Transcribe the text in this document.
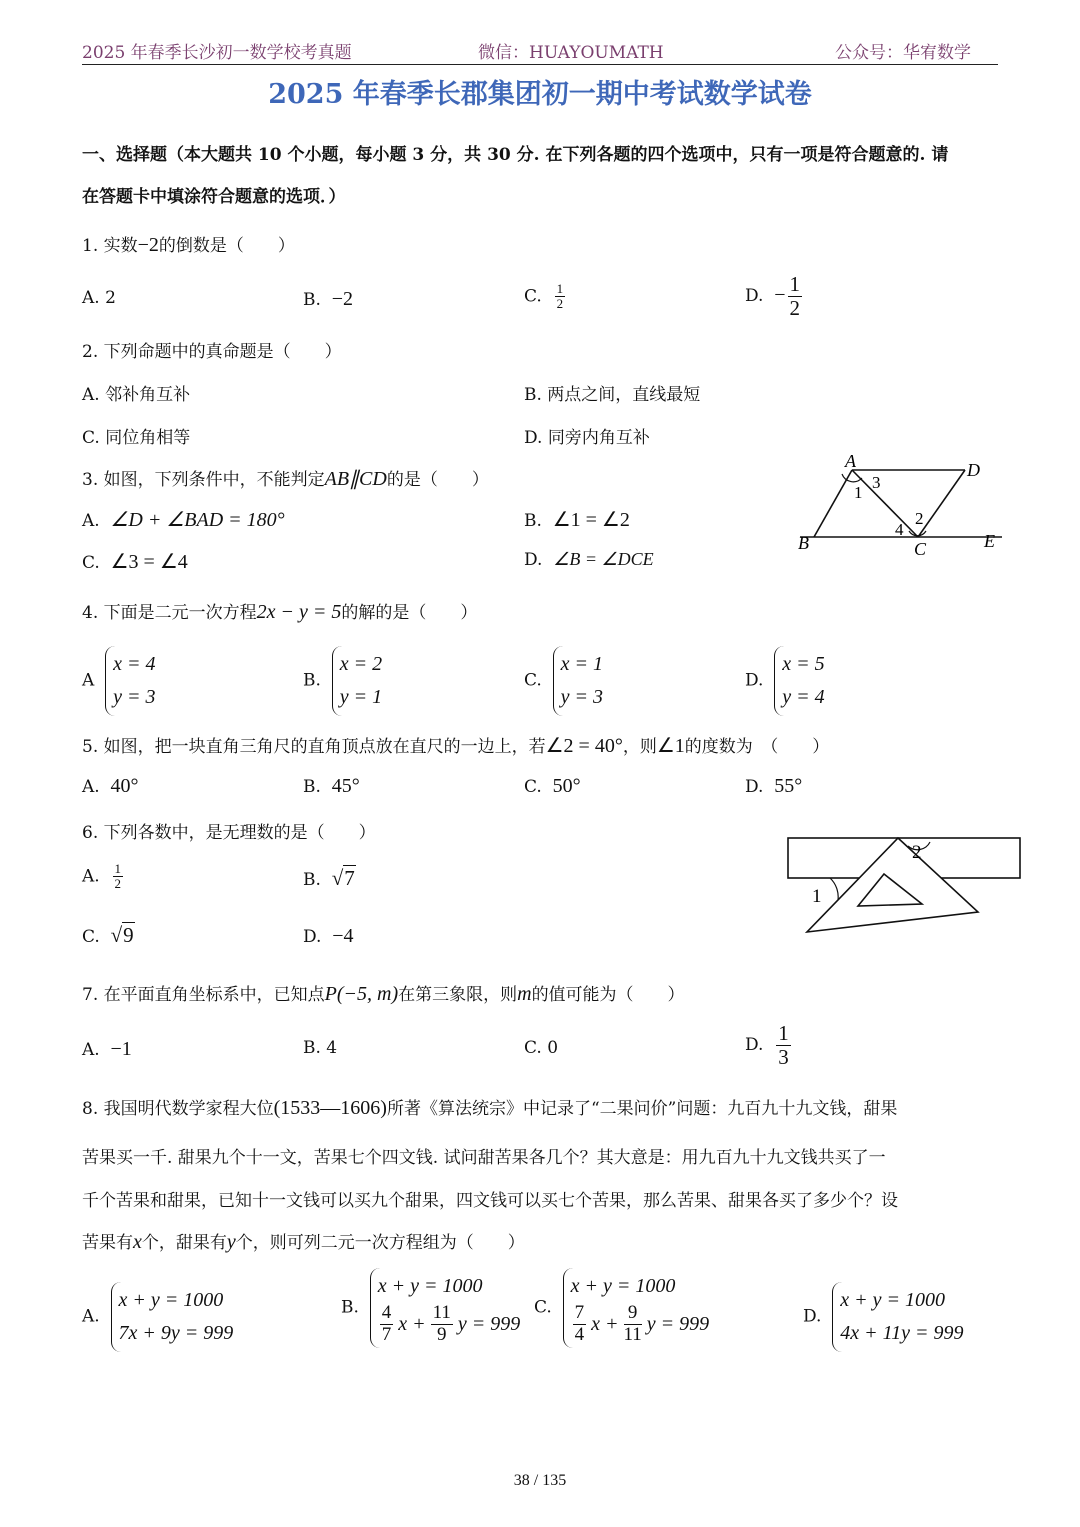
2025 年春季长沙初一数学校考真题	微信：HUAYOUMATH	公众号：华宥数学
2025 年春季长郡集团初一期中考试数学试卷
一、选择题（本大题共 10 个小题，每小题 3 分，共 30 分. 在下列各题的四个选项中，只有一项是符合题意的. 请
在答题卡中填涂符合题意的选项．）
1. 实数−2的倒数是（　　）
A. 2	B. −2	C. $\frac{1}{2}$	D. − $\frac{1}{2}$
2. 下列命题中的真命题是（　　）
A. 邻补角互补	B. 两点之间，直线最短
C. 同位角相等	D. 同旁内角互补
3. 如图，下列条件中，不能判定AB∥CD的是（　　）
A. ∠D + ∠BAD = 180°	B. ∠1 = ∠2
C. ∠3 = ∠4	D. ∠B = ∠DCE
A	D
B	C	E
1
3
4
2
4. 下面是二元一次方程2x − y = 5的解的是（　　）
A
x = 4
y = 3
B.
x = 2
y = 1
C.
x = 1
y = 3
D.
x = 5
y = 4
5. 如图，把一块直角三角尺的直角顶点放在直尺的一边上，若∠2 = 40°，则∠1的度数为　（　　）
A. 40°	B. 45°	C. 50°	D. 55°
6. 下列各数中，是无理数的是（　　）
A. $\frac{1}{2}$	B. √7
C. √9	D. −4
2
1
7. 在平面直角坐标系中，已知点P(−5, m)在第三象限，则m的值可能为（　　）
A. −1	B. 4	C. 0	D. $\frac{1}{3}$
8. 我国明代数学家程大位(1533—1606)所著《算法统宗》中记录了“二果问价”问题：九百九十九文钱，甜果
苦果买一千. 甜果九个十一文，苦果七个四文钱. 试问甜苦果各几个？其大意是：用九百九十九文钱共买了一
千个苦果和甜果，已知十一文钱可以买九个甜果，四文钱可以买七个苦果，那么苦果、甜果各买了多少个？设
苦果有x个，甜果有y个，则可列二元一次方程组为（　　）
A.
x + y = 1000
7x + 9y = 999
B.
x + y = 1000
$\frac{4}{7}$ $x + \frac{11}{9}$ y = 999
C.
x + y = 1000
$\frac{7}{4}$ $x + \frac{9}{11}$ y = 999	D.
x + y = 1000
4x + 11y = 999
38 / 135
